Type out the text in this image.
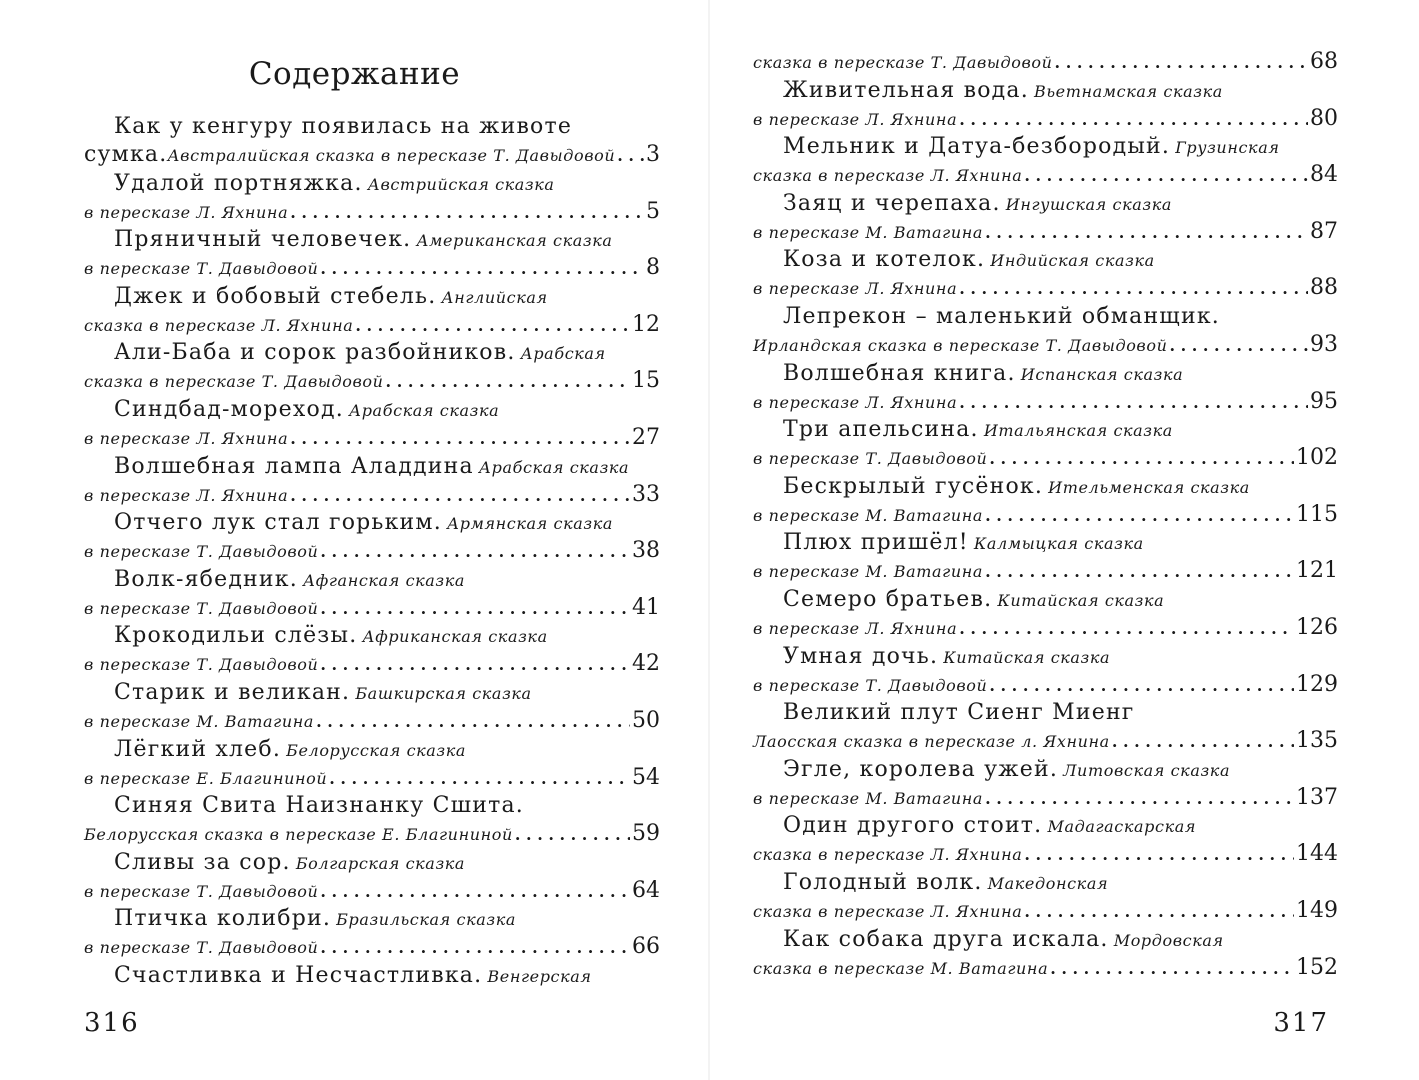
Содержание
Как у кенгуру появилась на животе
сумка. Австралийская сказка в пересказе Т. Давыдовой . . . 3
Удалой портняжка. Австрийская сказка
в пересказе Л. Яхнина . . .	5
Пряничный человечек. Американская сказка
в пересказе Т. Давыдовой . . .	8
Джек и бобовый стебель. Английская
сказка в пересказе Л. Яхнина . . .	12
Али-Баба и сорок разбойников. Арабская
сказка в пересказе Т. Давыдовой . . .	15
Синдбад-мореход. Арабская сказка
в пересказе Л. Яхнина . . .	27
Волшебная лампа Аладдина Арабская сказка
в пересказе Л. Яхнина . . .	33
Отчего лук стал горьким. Армянская сказка
в пересказе Т. Давыдовой . . .	38
Волк-ябедник. Афганская сказка
в пересказе Т. Давыдовой . . .	41
Крокодильи слёзы. Африканская сказка
в пересказе Т. Давыдовой . . .	42
Старик и великан. Башкирская сказка
в пересказе М. Ватагина . . .	50
Лёгкий хлеб. Белорусская сказка
в пересказе Е. Благининой . . .	54
Синяя Свита Наизнанку Сшита.
Белорусская сказка в пересказе Е. Благининой . . .	59
Сливы за сор. Болгарская сказка
в пересказе Т. Давыдовой . . .	64
Птичка колибри. Бразильская сказка
в пересказе Т. Давыдовой . . .	66
Счастливка и Несчастливка. Венгерская
316
сказка в пересказе Т. Давыдовой . . .	68
Живительная вода. Вьетнамская сказка
в пересказе Л. Яхнина . . .	80
Мельник и Датуа-безбородый. Грузинская
сказка в пересказе Л. Яхнина . . .	84
Заяц и черепаха. Ингушская сказка
в пересказе М. Ватагина . . .	87
Коза и котелок. Индийская сказка
в пересказе Л. Яхнина . . .	88
Лепрекон – маленький обманщик.
Ирландская сказка в пересказе Т. Давыдовой . . .	93
Волшебная книга. Испанская сказка
в пересказе Л. Яхнина . . .	95
Три апельсина. Итальянская сказка
в пересказе Т. Давыдовой . . .	102
Бескрылый гусёнок. Ительменская сказка
в пересказе М. Ватагина . . .	115
Плюх пришёл! Калмыцкая сказка
в пересказе М. Ватагина . . .	121
Семеро братьев. Китайская сказка
в пересказе Л. Яхнина . . .	126
Умная дочь. Китайская сказка
в пересказе Т. Давыдовой . . .	129
Великий плут Сиенг Миенг
Лаосская сказка в пересказе л. Яхнина . . .	135
Эгле, королева ужей. Литовская сказка
в пересказе М. Ватагина . . .	137
Один другого стоит. Мадагаскарская
сказка в пересказе Л. Яхнина . . .	144
Голодный волк. Македонская
сказка в пересказе Л. Яхнина . . .	149
Как собака друга искала. Мордовская
сказка в пересказе М. Ватагина . . .	152
317
